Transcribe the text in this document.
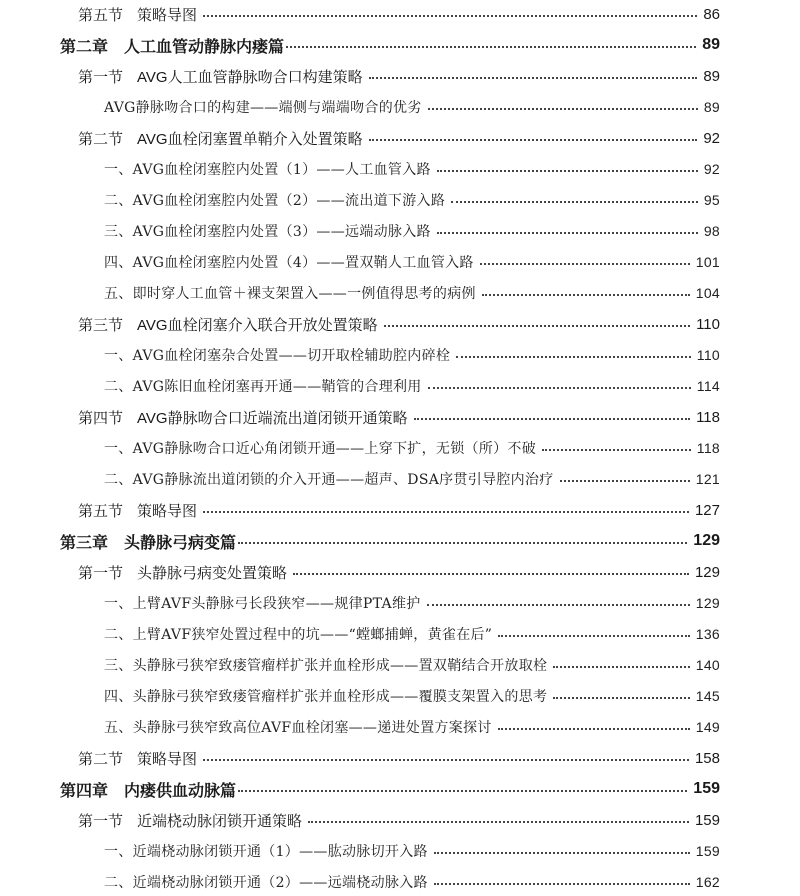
第五节 策略导图	86
第二章 人工血管动静脉内瘘篇	89
第一节 AVG人工血管静脉吻合口构建策略	89
AVG静脉吻合口的构建——端侧与端端吻合的优劣	89
第二节 AVG血栓闭塞置单鞘介入处置策略	92
一、AVG血栓闭塞腔内处置（1）——人工血管入路	92
二、AVG血栓闭塞腔内处置（2）——流出道下游入路	95
三、AVG血栓闭塞腔内处置（3）——远端动脉入路	98
四、AVG血栓闭塞腔内处置（4）——置双鞘人工血管入路	101
五、即时穿人工血管＋裸支架置入——一例值得思考的病例	104
第三节 AVG血栓闭塞介入联合开放处置策略	110
一、AVG血栓闭塞杂合处置——切开取栓辅助腔内碎栓	110
二、AVG陈旧血栓闭塞再开通——鞘管的合理利用	114
第四节 AVG静脉吻合口近端流出道闭锁开通策略	118
一、AVG静脉吻合口近心角闭锁开通——上穿下扩，无锁（所）不破	118
二、AVG静脉流出道闭锁的介入开通——超声、DSA序贯引导腔内治疗	121
第五节 策略导图	127
第三章 头静脉弓病变篇	129
第一节 头静脉弓病变处置策略	129
一、上臂AVF头静脉弓长段狭窄——规律PTA维护	129
二、上臂AVF狭窄处置过程中的坑——“螳螂捕蝉，黄雀在后”	136
三、头静脉弓狭窄致瘘管瘤样扩张并血栓形成——置双鞘结合开放取栓	140
四、头静脉弓狭窄致瘘管瘤样扩张并血栓形成——覆膜支架置入的思考	145
五、头静脉弓狭窄致高位AVF血栓闭塞——递进处置方案探讨	149
第二节 策略导图	158
第四章 内瘘供血动脉篇	159
第一节 近端桡动脉闭锁开通策略	159
一、近端桡动脉闭锁开通（1）——肱动脉切开入路	159
二、近端桡动脉闭锁开通（2）——远端桡动脉入路	162
